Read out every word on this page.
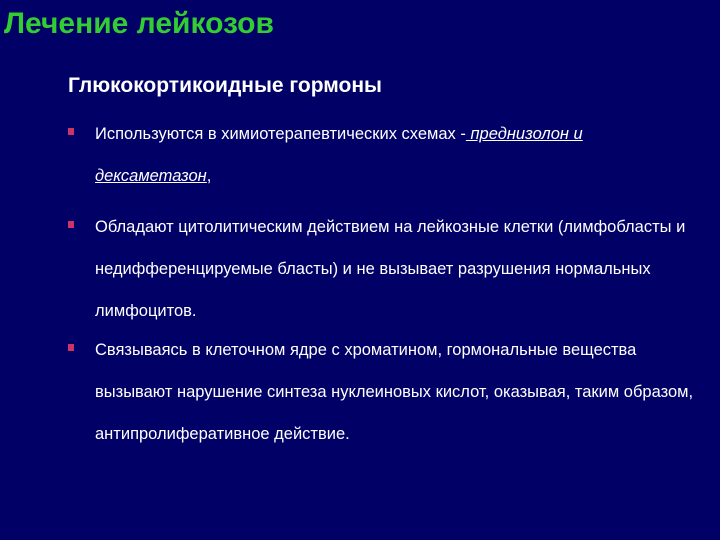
Лечение лейкозов
Глюкокортикоидные гормоны
Используются в химиотерапевтических схемах - преднизолон и дексаметазон,
Обладают цитолитическим действием на лейкозные клетки (лимфобласты и недифференцируемые бласты) и не вызывает разрушения нормальных лимфоцитов.
Связываясь в клеточном ядре с хроматином, гормональные вещества вызывают нарушение синтеза нуклеиновых кислот, оказывая, таким образом, антипролиферативное действие.
